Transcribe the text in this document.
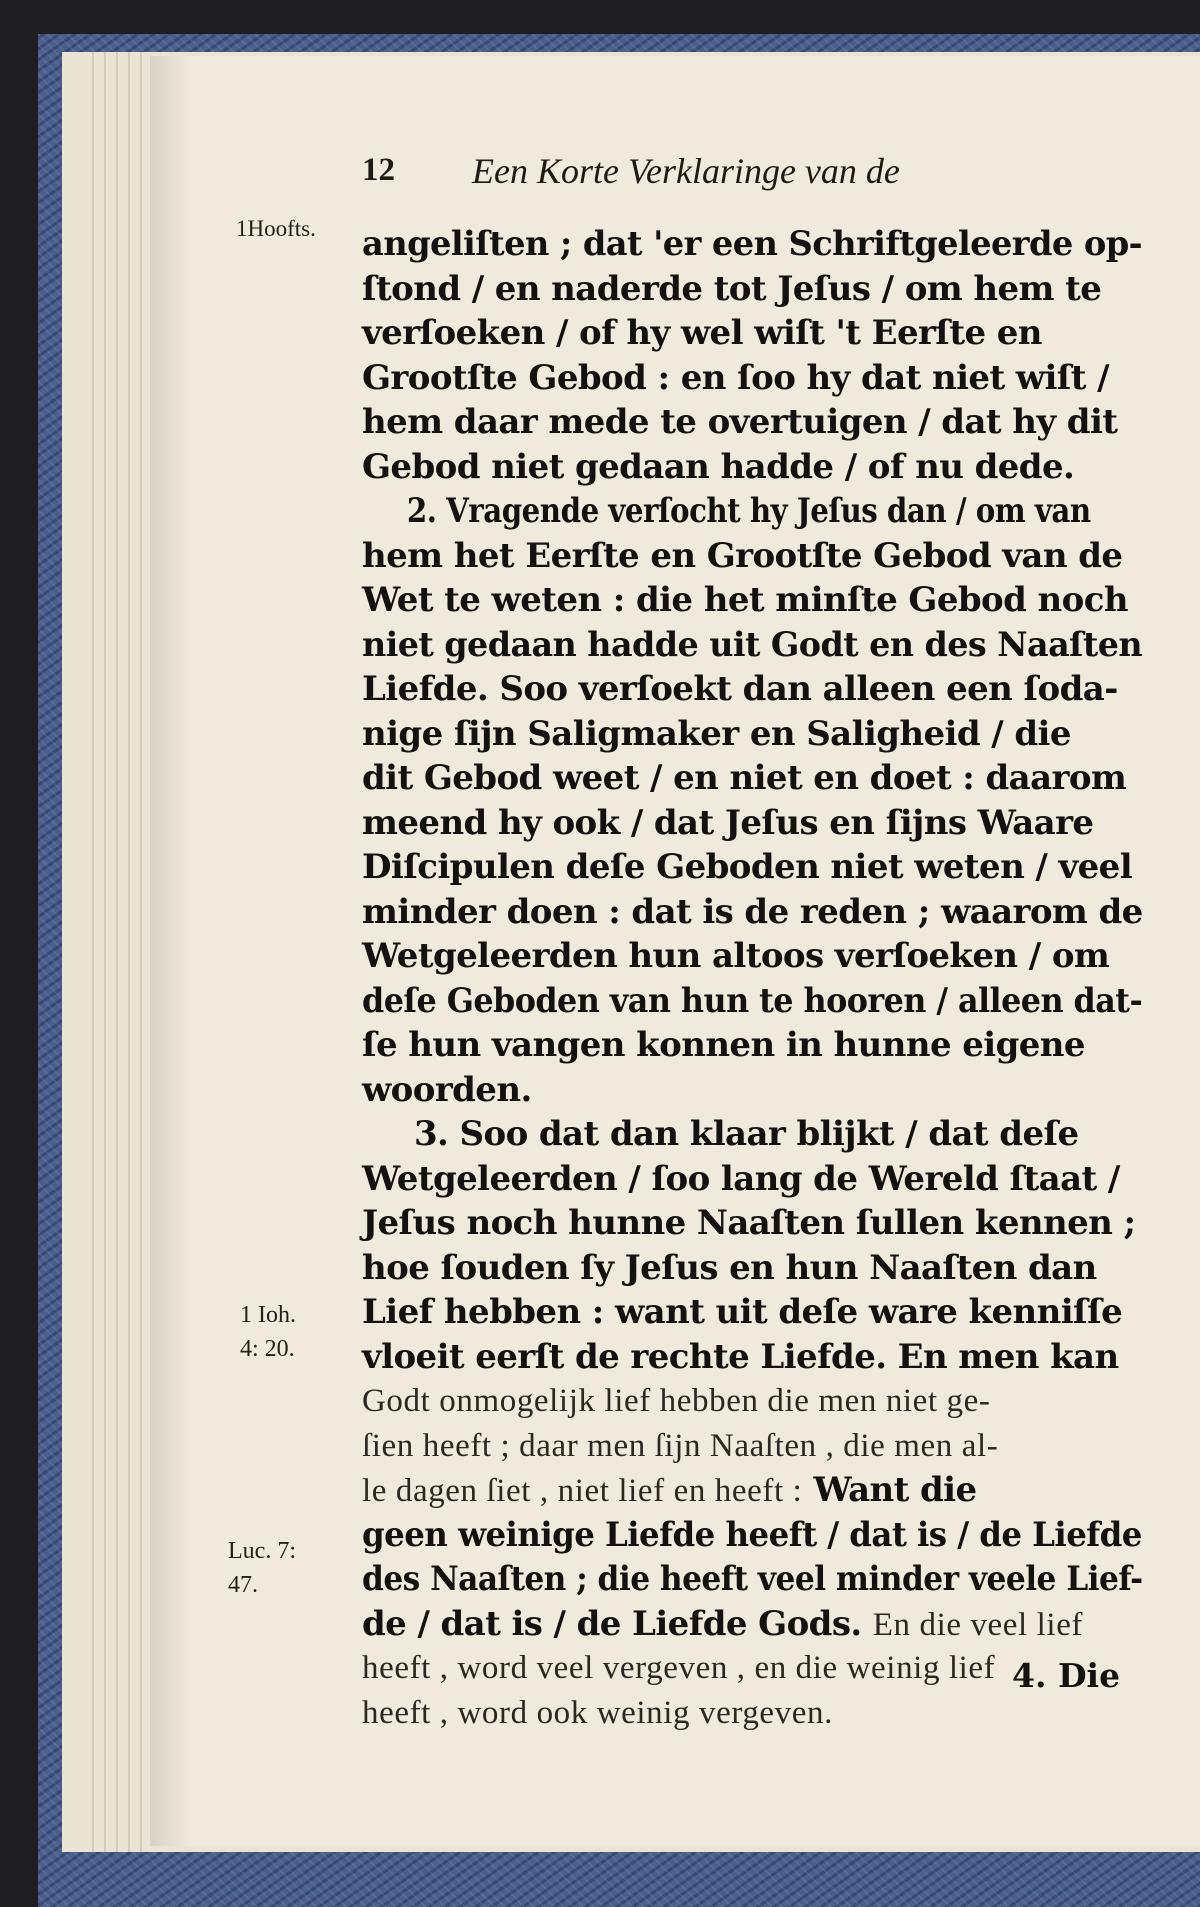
12 Een Korte Verklaringe van de
1Hoofts.
1 Ioh.
4: 20.
Luc. 7:
47.
angeliſten ; dat 'er een Schriftgeleerde op-
ſtond / en naderde tot Jeſus / om hem te
verſoeken / of hy wel wiſt 't Eerſte en
Grootſte Gebod : en ſoo hy dat niet wiſt /
hem daar mede te overtuigen / dat hy dit
Gebod niet gedaan hadde / of nu dede.
2. Vragende verſocht hy Jeſus dan / om van
hem het Eerſte en Grootſte Gebod van de
Wet te weten : die het minſte Gebod noch
niet gedaan hadde uit Godt en des Naaſten
Liefde. Soo verſoekt dan alleen een ſoda-
nige ſijn Saligmaker en Saligheid / die
dit Gebod weet / en niet en doet : daarom
meend hy ook / dat Jeſus en ſijns Waare
Diſcipulen deſe Geboden niet weten / veel
minder doen : dat is de reden ; waarom de
Wetgeleerden hun altoos verſoeken / om
deſe Geboden van hun te hooren / alleen dat-
ſe hun vangen konnen in hunne eigene
woorden.
3. Soo dat dan klaar blijkt / dat deſe
Wetgeleerden / ſoo lang de Wereld ſtaat /
Jeſus noch hunne Naaſten ſullen kennen ;
hoe ſouden ſy Jeſus en hun Naaſten dan
Lief hebben : want uit deſe ware kenniſſe
vloeit eerſt de rechte Liefde. En men kan
Godt onmogelijk lief hebben die men niet ge-
ſien heeft ; daar men ſijn Naaſten , die men al-
le dagen ſiet , niet lief en heeft : Want die
geen weinige Liefde heeft / dat is / de Liefde
des Naaſten ; die heeft veel minder veele Lief-
de / dat is / de Liefde Gods. En die veel lief
heeft , word veel vergeven , en die weinig lief
heeft , word ook weinig vergeven.
4. Die
